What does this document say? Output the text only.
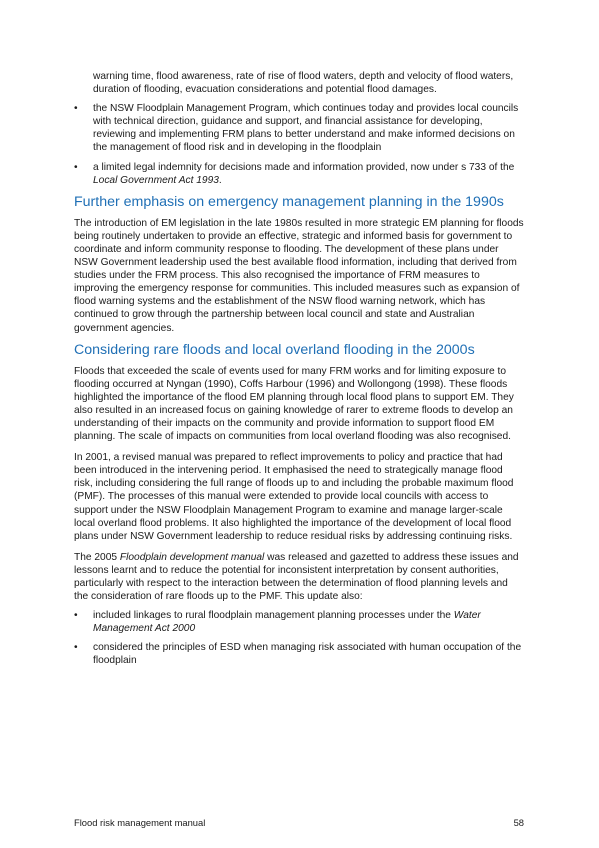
warning time, flood awareness, rate of rise of flood waters, depth and velocity of flood waters, duration of flooding, evacuation considerations and potential flood damages.

• the NSW Floodplain Management Program, which continues today and provides local councils with technical direction, guidance and support, and financial assistance for developing, reviewing and implementing FRM plans to better understand and make informed decisions on the management of flood risk and in developing in the floodplain
• a limited legal indemnity for decisions made and information provided, now under s 733 of the Local Government Act 1993.
Further emphasis on emergency management planning in the 1990s

The introduction of EM legislation in the late 1980s resulted in more strategic EM planning for floods being routinely undertaken to provide an effective, strategic and informed basis for government to coordinate and inform community response to flooding. The development of these plans under NSW Government leadership used the best available flood information, including that derived from studies under the FRM process. This also recognised the importance of FRM measures to improving the emergency response for communities. This included measures such as expansion of flood warning systems and the establishment of the NSW flood warning network, which has continued to grow through the partnership between local council and state and Australian government agencies.

Considering rare floods and local overland flooding in the 2000s

Floods that exceeded the scale of events used for many FRM works and for limiting exposure to flooding occurred at Nyngan (1990), Coffs Harbour (1996) and Wollongong (1998). These floods highlighted the importance of the flood EM planning through local flood plans to support EM. They also resulted in an increased focus on gaining knowledge of rarer to extreme floods to develop an understanding of their impacts on the community and provide information to support flood EM planning. The scale of impacts on communities from local overland flooding was also recognised.

In 2001, a revised manual was prepared to reflect improvements to policy and practice that had been introduced in the intervening period. It emphasised the need to strategically manage flood risk, including considering the full range of floods up to and including the probable maximum flood (PMF). The processes of this manual were extended to provide local councils with access to support under the NSW Floodplain Management Program to examine and manage larger-scale local overland flood problems. It also highlighted the importance of the development of local flood plans under NSW Government leadership to reduce residual risks by addressing continuing risks.

The 2005 Floodplain development manual was released and gazetted to address these issues and lessons learnt and to reduce the potential for inconsistent interpretation by consent authorities, particularly with respect to the interaction between the determination of flood planning levels and the consideration of rare floods up to the PMF. This update also:

• included linkages to rural floodplain management planning processes under the Water Management Act 2000
• considered the principles of ESD when managing risk associated with human occupation of the floodplain
Flood risk management manual	58
